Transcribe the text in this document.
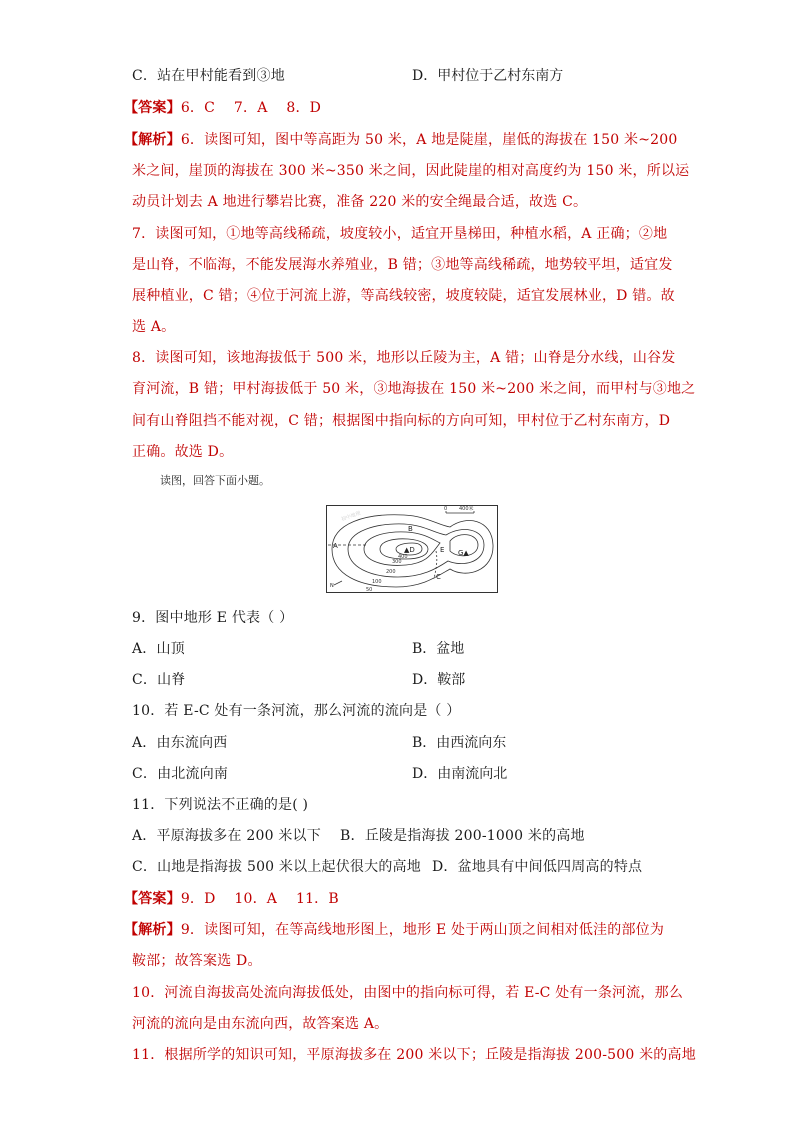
C．站在甲村能看到③地	D．甲村位于乙村东南方
【答案】6．C　 7．A　 8．D
【解析】6．读图可知，图中等高距为 50 米，A 地是陡崖，崖低的海拔在 150 米~200
米之间，崖顶的海拔在 300 米~350 米之间，因此陡崖的相对高度约为 150 米，所以运
动员计划去 A 地进行攀岩比赛，准备 220 米的安全绳最合适，故选 C。
7．读图可知，①地等高线稀疏，坡度较小，适宜开垦梯田，种植水稻，A 正确；②地
是山脊，不临海，不能发展海水养殖业，B 错；③地等高线稀疏，地势较平坦，适宜发
展种植业，C 错；④位于河流上游，等高线较密，坡度较陡，适宜发展林业，D 错。故
选 A。
8．读图可知，该地海拔低于 500 米，地形以丘陵为主，A 错；山脊是分水线，山谷发
育河流，B 错；甲村海拔低于 50 米，③地海拔在 150 米~200 米之间，而甲村与③地之
间有山脊阻挡不能对视，C 错；根据图中指向标的方向可知，甲村位于乙村东南方，D
正确。故选 D。
读图，回答下面小题。
0 400米
A
B
C
▲D	E G▲
N
50
100
200
300
400
初中地理
9．图中地形 E 代表（ ）
A．山顶	B．盆地
C．山脊	D．鞍部
10．若 E-C 处有一条河流，那么河流的流向是（ ）
A．由东流向西	B．由西流向东
C．由北流向南	D．由南流向北
11．下列说法不正确的是( )
A．平原海拔多在 200 米以下 B．丘陵是指海拔 200-1000 米的高地
C．山地是指海拔 500 米以上起伏很大的高地 D．盆地具有中间低四周高的特点
【答案】9．D　 10．A　 11．B
【解析】9．读图可知，在等高线地形图上，地形 E 处于两山顶之间相对低洼的部位为
鞍部；故答案选 D。
10．河流自海拔高处流向海拔低处，由图中的指向标可得，若 E-C 处有一条河流，那么
河流的流向是由东流向西，故答案选 A。
11．根据所学的知识可知，平原海拔多在 200 米以下；丘陵是指海拔 200-500 米的高地
